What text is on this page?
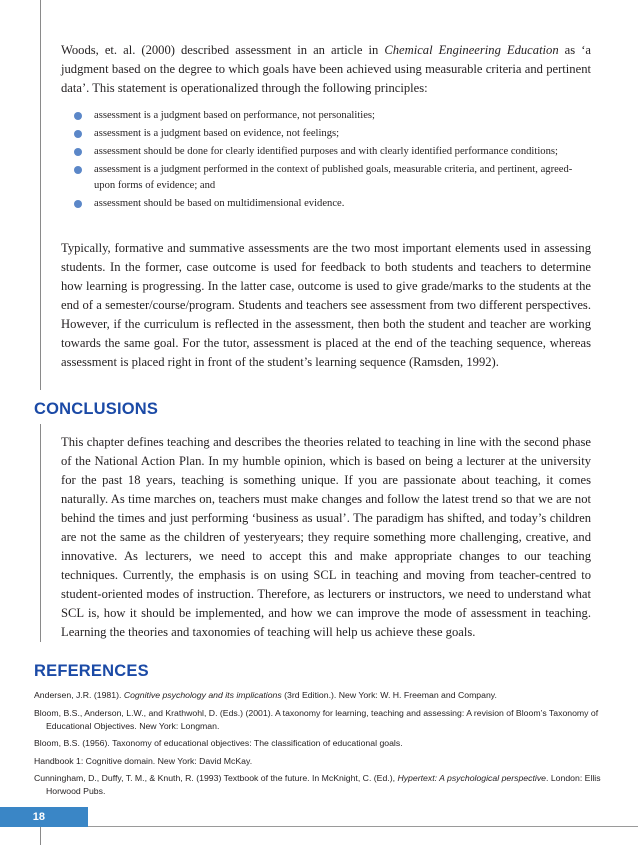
Woods, et. al. (2000) described assessment in an article in Chemical Engineering Education as ‘a judgment based on the degree to which goals have been achieved using measurable criteria and pertinent data’. This statement is operationalized through the following principles:

assessment is a judgment based on performance, not personalities;
assessment is a judgment based on evidence, not feelings;
assessment should be done for clearly identified purposes and with clearly identified performance conditions;
assessment is a judgment performed in the context of published goals, measurable criteria, and pertinent, agreed-upon forms of evidence; and
assessment should be based on multidimensional evidence.

Typically, formative and summative assessments are the two most important elements used in assessing students. In the former, case outcome is used for feedback to both students and teachers to determine how learning is progressing. In the latter case, outcome is used to give grade/marks to the students at the end of a semester/course/program. Students and teachers see assessment from two different perspectives. However, if the curriculum is reflected in the assessment, then both the student and teacher are working towards the same goal. For the tutor, assessment is placed at the end of the teaching sequence, whereas assessment is placed right in front of the student’s learning sequence (Ramsden, 1992).

CONCLUSIONS

This chapter defines teaching and describes the theories related to teaching in line with the second phase of the National Action Plan. In my humble opinion, which is based on being a lecturer at the university for the past 18 years, teaching is something unique. If you are passionate about teaching, it comes naturally. As time marches on, teachers must make changes and follow the latest trend so that we are not behind the times and just performing ‘business as usual’. The paradigm has shifted, and today’s children are not the same as the children of yesteryears; they require something more challenging, creative, and innovative. As lecturers, we need to accept this and make appropriate changes to our teaching techniques. Currently, the emphasis is on using SCL in teaching and moving from teacher-centred to student-oriented modes of instruction. Therefore, as lecturers or instructors, we need to understand what SCL is, how it should be implemented, and how we can improve the mode of assessment in teaching. Learning the theories and taxonomies of teaching will help us achieve these goals.

REFERENCES

Andersen, J.R. (1981). Cognitive psychology and its implications (3rd Edition.). New York: W. H. Freeman and Company.

Bloom, B.S., Anderson, L.W., and Krathwohl, D. (Eds.) (2001). A taxonomy for learning, teaching and assessing: A revision of Bloom’s Taxonomy of Educational Objectives. New York: Longman.

Bloom, B.S. (1956). Taxonomy of educational objectives: The classification of educational goals.

Handbook 1: Cognitive domain. New York: David McKay.

Cunningham, D., Duffy, T. M., & Knuth, R. (1993) Textbook of the future. In McKnight, C. (Ed.), Hypertext: A psychological perspective. London: Ellis Horwood Pubs.

18
